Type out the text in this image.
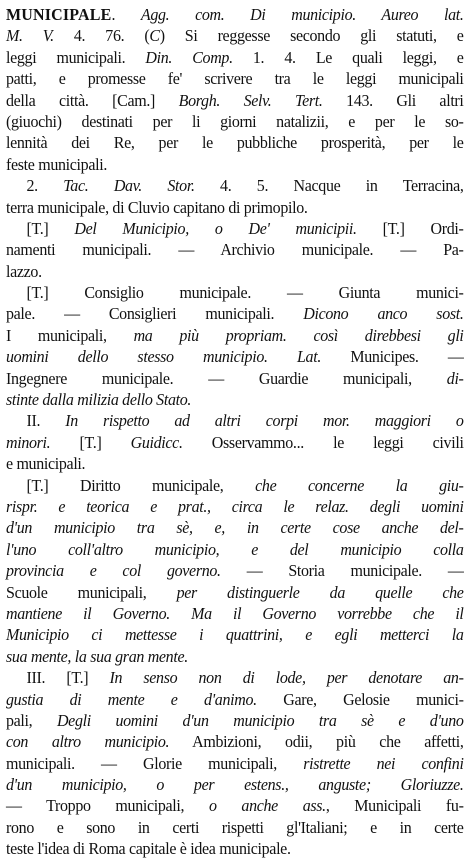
MUNICIPALE. Agg. com. Di municipio. Aureo lat.
M. V. 4. 76. (C) Si reggesse secondo gli statuti, e
leggi municipali. Din. Comp. 1. 4. Le quali leggi, e
patti, e promesse fe' scrivere tra le leggi municipali
della città. [Cam.] Borgh. Selv. Tert. 143. Gli altri
(giuochi) destinati per li giorni natalizii, e per le so-
lennità dei Re, per le pubbliche prosperità, per le
feste municipali.
2. Tac. Dav. Stor. 4. 5. Nacque in Terracina,
terra municipale, di Cluvio capitano di primopilo.
[T.] Del Municipio, o De' municipii. [T.] Ordi-
namenti municipali. — Archivio municipale. — Pa-
lazzo.
[T.] Consiglio municipale. — Giunta munici-
pale. — Consiglieri municipali. Dicono anco sost.
I municipali, ma più propriam. così direbbesi gli
uomini dello stesso municipio. Lat. Municipes. —
Ingegnere municipale. — Guardie municipali, di-
stinte dalla milizia dello Stato.
II. In rispetto ad altri corpi mor. maggiori o
minori. [T.] Guidicc. Osservammo... le leggi civili
e municipali.
[T.] Diritto municipale, che concerne la giu-
rispr. e teorica e prat., circa le relaz. degli uomini
d'un municipio tra sè, e, in certe cose anche del-
l'uno coll'altro municipio, e del municipio colla
provincia e col governo. — Storia municipale. —
Scuole municipali, per distinguerle da quelle che
mantiene il Governo. Ma il Governo vorrebbe che il
Municipio ci mettesse i quattrini, e egli metterci la
sua mente, la sua gran mente.
III. [T.] In senso non di lode, per denotare an-
gustia di mente e d'animo. Gare, Gelosie munici-
pali, Degli uomini d'un municipio tra sè e d'uno
con altro municipio. Ambizioni, odii, più che affetti,
municipali. — Glorie municipali, ristrette nei confini
d'un municipio, o per estens., anguste; Gloriuzze.
— Troppo municipali, o anche ass., Municipali fu-
rono e sono in certi rispetti gl'Italiani; e in certe
teste l'idea di Roma capitale è idea municipale.
